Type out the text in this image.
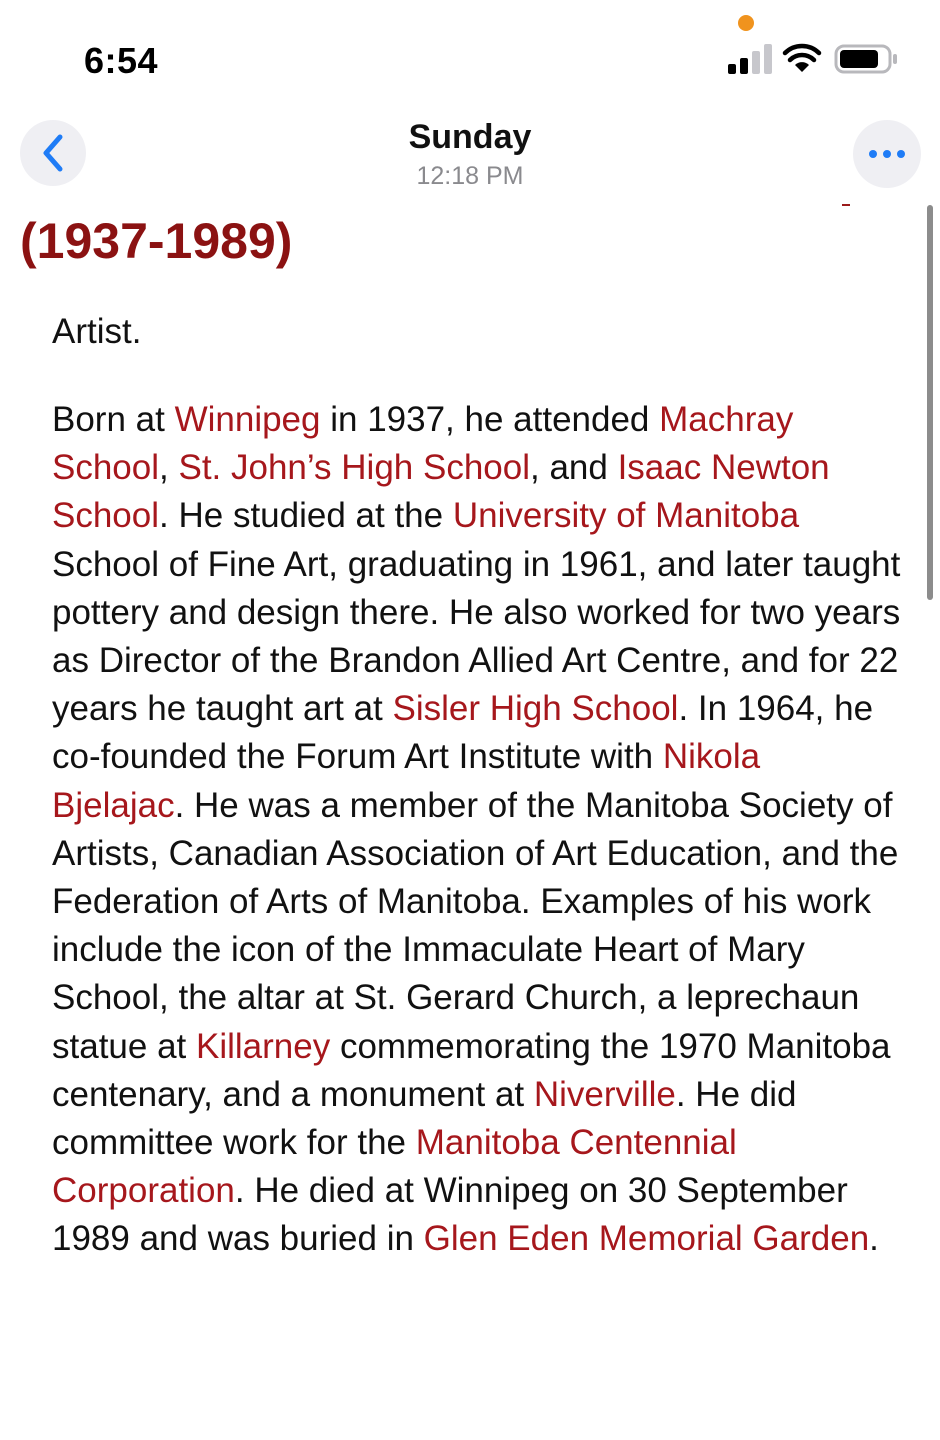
6:54
Sunday
12:18 PM
(1937-1989)

Artist.

Born at Winnipeg in 1937, he attended Machray School, St. John’s High School, and Isaac Newton School. He studied at the University of Manitoba School of Fine Art, graduating in 1961, and later taught pottery and design there. He also worked for two years as Director of the Brandon Allied Art Centre, and for 22 years he taught art at Sisler High School. In 1964, he co-founded the Forum Art Institute with Nikola Bjelajac. He was a member of the Manitoba Society of Artists, Canadian Association of Art Education, and the Federation of Arts of Manitoba. Examples of his work include the icon of the Immaculate Heart of Mary School, the altar at St. Gerard Church, a leprechaun statue at Killarney commemorating the 1970 Manitoba centenary, and a monument at Niverville. He did committee work for the Manitoba Centennial Corporation. He died at Winnipeg on 30 September 1989 and was buried in Glen Eden Memorial Garden.
